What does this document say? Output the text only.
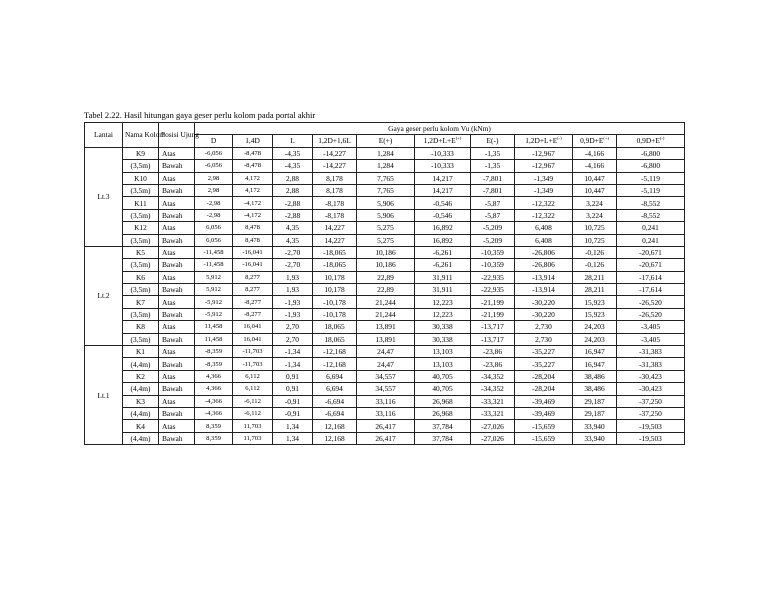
Tabel 2.22. Hasil hitungan gaya geser perlu kolom pada portal akhir
Lantai	Nama Kolom	Posisi Ujung	Gaya geser perlu kolom Vu (kNm)									
			D	1,4D	L	1,2D+1,6L	E(+)	1,2D+L+E(+)	E(-)	1,2D+L+E(-)	0,9D+E(+)	0,9D+E(-)
Lt.3	K9	Atas	-6,056	-8,478	-4,35	-14,227	1,284	-10,333	-1,35	-12,967	-4,166	-6,800
	(3,5m)	Bawah	-6,056	-8,478	-4,35	-14,227	1,284	-10,333	-1,35	-12,967	-4,166	-6,800
	K10	Atas	2,98	4,172	2,88	8,178	7,765	14,217	-7,801	-1,349	10,447	-5,119
	(3,5m)	Bawah	2,98	4,172	2,88	8,178	7,765	14,217	-7,801	-1,349	10,447	-5,119
	K11	Atas	-2,98	-4,172	-2,88	-8,178	5,906	-0,546	-5,87	-12,322	3,224	-8,552
	(3,5m)	Bawah	-2,98	-4,172	-2,88	-8,178	5,906	-0,546	-5,87	-12,322	3,224	-8,552
	K12	Atas	6,056	8,478	4,35	14,227	5,275	16,892	-5,209	6,408	10,725	0,241
	(3,5m)	Bawah	6,056	8,478	4,35	14,227	5,275	16,892	-5,209	6,408	10,725	0,241
Lt.2	K5	Atas	-11,458	-16,041	-2,70	-18,065	10,186	-6,261	-10,359	-26,806	-0,126	-20,671
	(3,5m)	Bawah	-11,458	-16,041	-2,70	-18,065	10,186	-6,261	-10,359	-26,806	-0,126	-20,671
	K6	Atas	5,912	8,277	1,93	10,178	22,89	31,911	-22,935	-13,914	28,211	-17,614
	(3,5m)	Bawah	5,912	8,277	1,93	10,178	22,89	31,911	-22,935	-13,914	28,211	-17,614
	K7	Atas	-5,912	-8,277	-1,93	-10,178	21,244	12,223	-21,199	-30,220	15,923	-26,520
	(3,5m)	Bawah	-5,912	-8,277	-1,93	-10,178	21,244	12,223	-21,199	-30,220	15,923	-26,520
	K8	Atas	11,458	16,041	2,70	18,065	13,891	30,338	-13,717	2,730	24,203	-3,405
	(3,5m)	Bawah	11,458	16,041	2,70	18,065	13,891	30,338	-13,717	2,730	24,203	-3,405
Lt.1	K1	Atas	-8,359	-11,703	-1,34	-12,168	24,47	13,103	-23,86	-35,227	16,947	-31,383
	(4,4m)	Bawah	-8,359	-11,703	-1,34	-12,168	24,47	13,103	-23,86	-35,227	16,947	-31,383
	K2	Atas	4,366	6,112	0,91	6,694	34,557	40,705	-34,352	-28,204	38,486	-30,423
	(4,4m)	Bawah	4,366	6,112	0,91	6,694	34,557	40,705	-34,352	-28,204	38,486	-30,423
	K3	Atas	-4,366	-6,112	-0,91	-6,694	33,116	26,968	-33,321	-39,469	29,187	-37,250
	(4,4m)	Bawah	-4,366	-6,112	-0,91	-6,694	33,116	26,968	-33,321	-39,469	29,187	-37,250
	K4	Atas	8,359	11,703	1,34	12,168	26,417	37,784	-27,026	-15,659	33,940	-19,503
	(4,4m)	Bawah	8,359	11,703	1,34	12,168	26,417	37,784	-27,026	-15,659	33,940	-19,503
